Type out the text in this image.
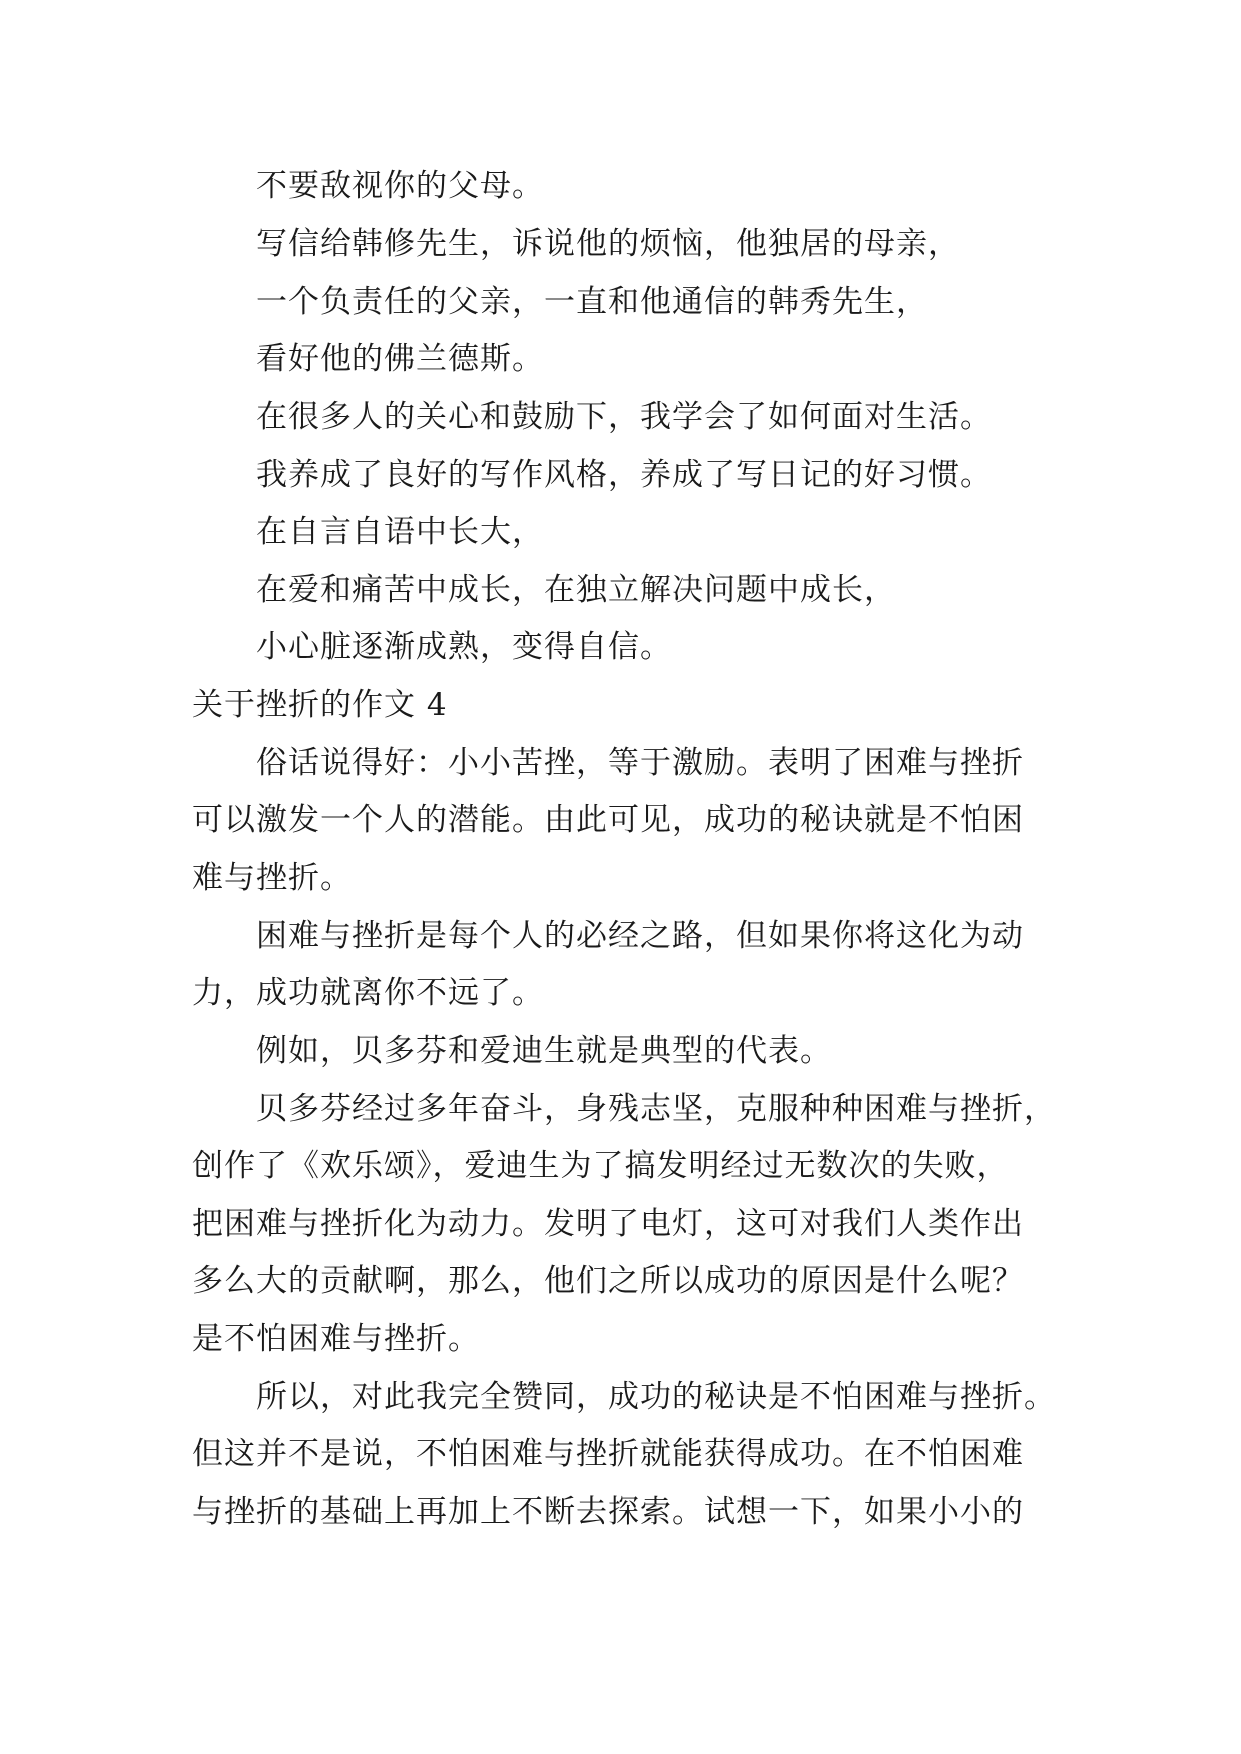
不要敌视你的父母。
写信给韩修先生，诉说他的烦恼，他独居的母亲，
一个负责任的父亲，一直和他通信的韩秀先生，
看好他的佛兰德斯。
在很多人的关心和鼓励下，我学会了如何面对生活。
我养成了良好的写作风格，养成了写日记的好习惯。
在自言自语中长大，
在爱和痛苦中成长，在独立解决问题中成长，
小心脏逐渐成熟，变得自信。
关于挫折的作文 4
俗话说得好：小小苦挫，等于激励。表明了困难与挫折
可以激发一个人的潜能。由此可见，成功的秘诀就是不怕困
难与挫折。
困难与挫折是每个人的必经之路，但如果你将这化为动
力，成功就离你不远了。
例如，贝多芬和爱迪生就是典型的代表。
贝多芬经过多年奋斗，身残志坚，克服种种困难与挫折，
创作了《欢乐颂》，爱迪生为了搞发明经过无数次的失败，
把困难与挫折化为动力。发明了电灯，这可对我们人类作出
多么大的贡献啊，那么，他们之所以成功的原因是什么呢？
是不怕困难与挫折。
所以，对此我完全赞同，成功的秘诀是不怕困难与挫折。
但这并不是说，不怕困难与挫折就能获得成功。在不怕困难
与挫折的基础上再加上不断去探索。试想一下，如果小小的
